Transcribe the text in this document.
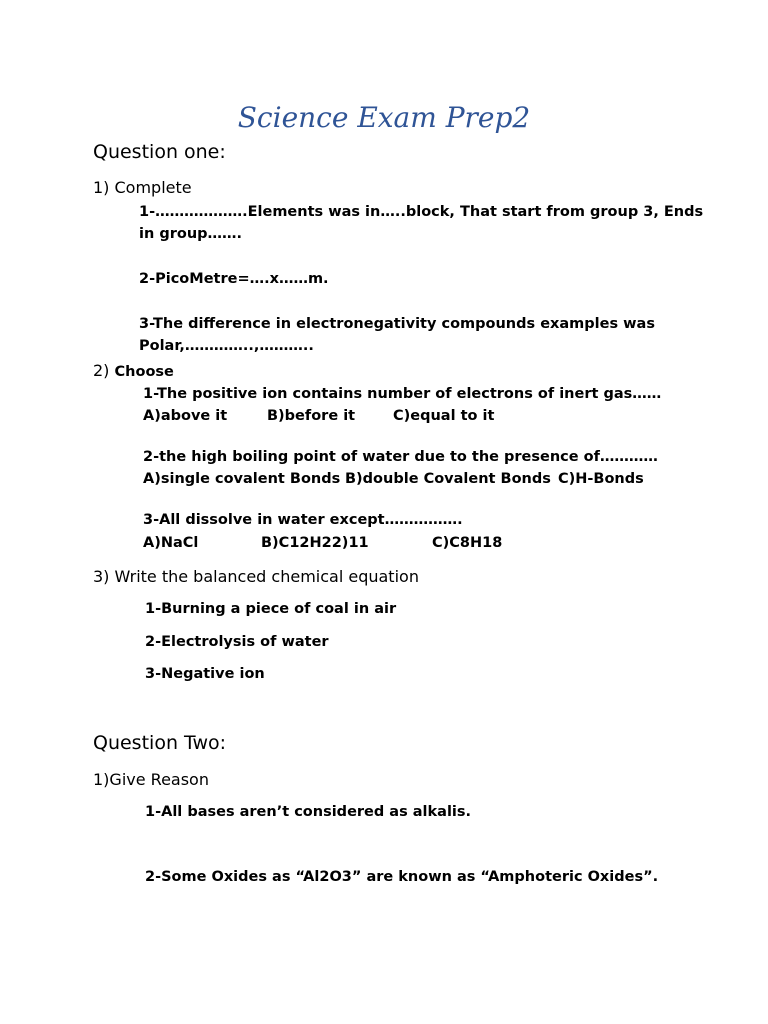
Science Exam Prep2
Question one:
1) Complete
1-……………….Elements was in…..block, That start from group 3, Ends
in group…….
2-PicoMetre=….x……m.
3-The difference in electronegativity compounds examples was
Polar,…………..,………..
2) Choose
1-The positive ion contains number of electrons of inert gas……
A)above it	B)before it	C)equal to it
2-the high boiling point of water due to the presence of…………
A)single covalent Bonds B)double Covalent Bonds C)H-Bonds
3-All dissolve in water except…………….
A)NaCl	B)C12H22)11	C)C8H18
3) Write the balanced chemical equation
1-Burning a piece of coal in air
2-Electrolysis of water
3-Negative ion
Question Two:
1)Give Reason
1-All bases aren’t considered as alkalis.
2-Some Oxides as “Al2O3” are known as “Amphoteric Oxides”.
